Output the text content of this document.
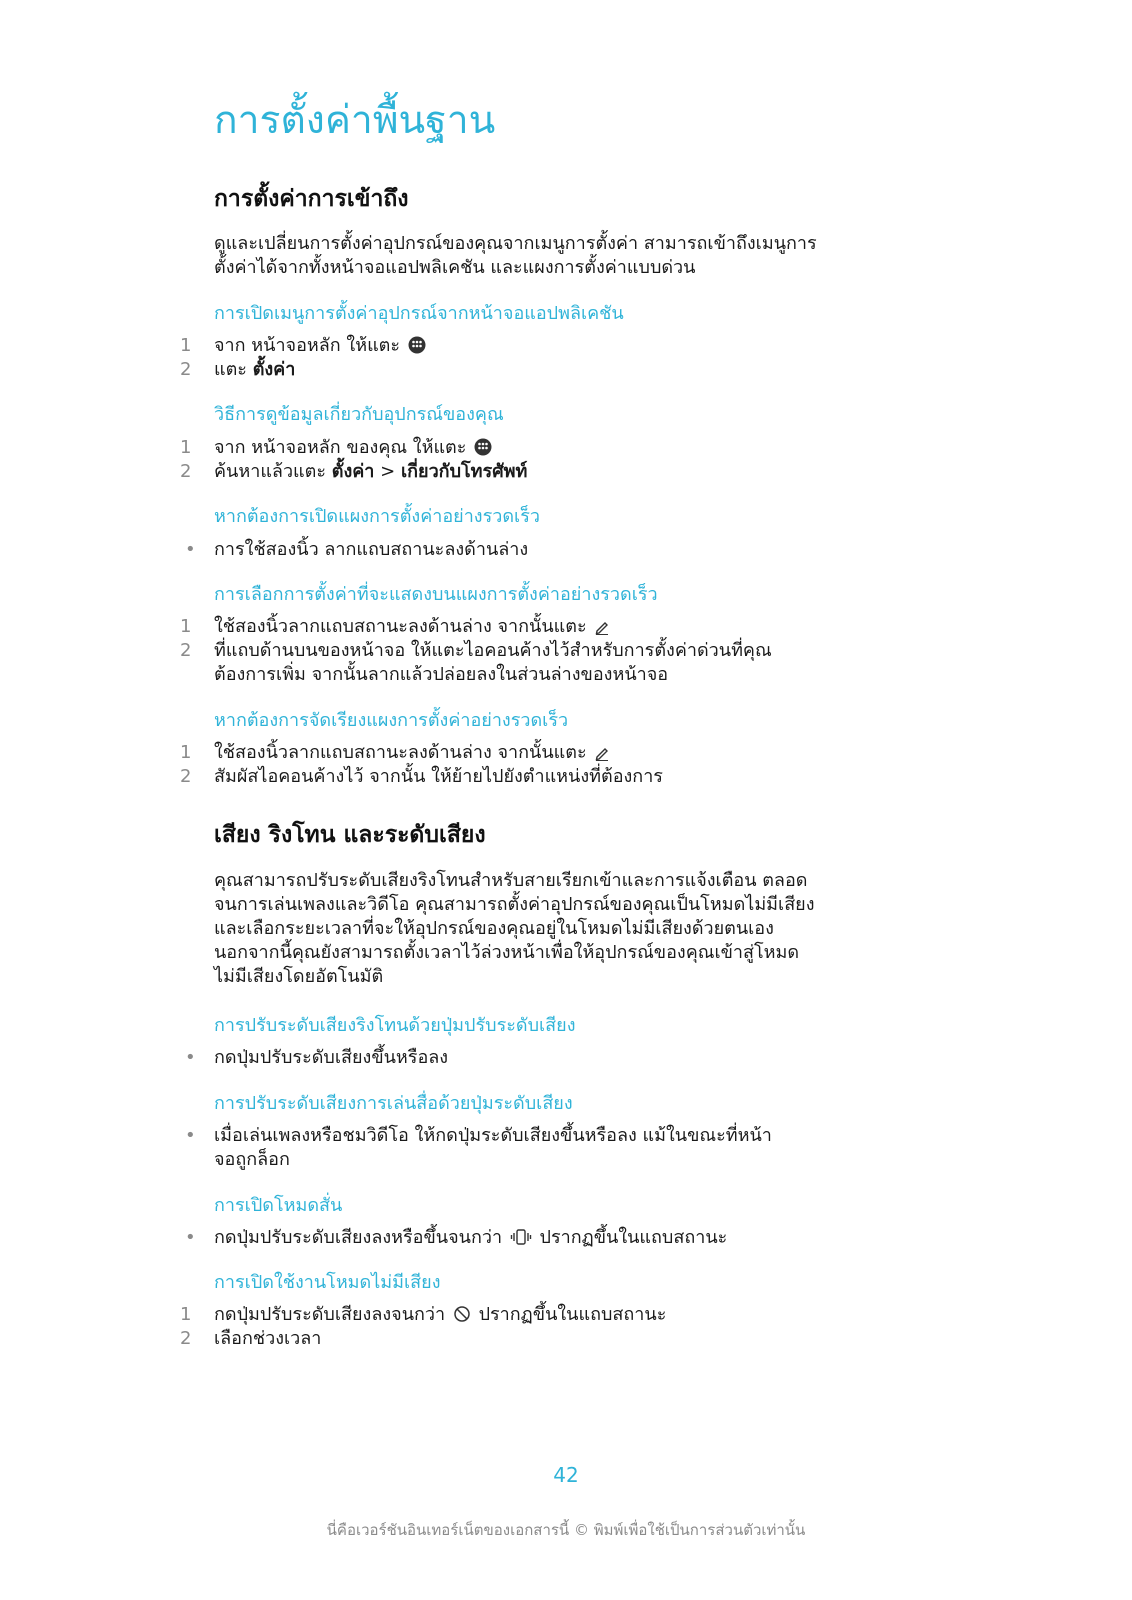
การตั้งค่าพื้นฐาน
การตั้งค่าการเข้าถึง

ดูและเปลี่ยนการตั้งค่าอุปกรณ์ของคุณจากเมนูการตั้งค่า สามารถเข้าถึงเมนูการ
ตั้งค่าได้จากทั้งหน้าจอแอปพลิเคชัน และแผงการตั้งค่าแบบด่วน

การเปิดเมนูการตั้งค่าอุปกรณ์จากหน้าจอแอปพลิเคชัน
1	จาก หน้าจอหลัก ให้แตะ
2	แตะ ตั้งค่า
วิธีการดูข้อมูลเกี่ยวกับอุปกรณ์ของคุณ
1	จาก หน้าจอหลัก ของคุณ ให้แตะ
2	ค้นหาแล้วแตะ ตั้งค่า > เกี่ยวกับโทรศัพท์
หากต้องการเปิดแผงการตั้งค่าอย่างรวดเร็ว
•	การใช้สองนิ้ว ลากแถบสถานะลงด้านล่าง
การเลือกการตั้งค่าที่จะแสดงบนแผงการตั้งค่าอย่างรวดเร็ว
1	ใช้สองนิ้วลากแถบสถานะลงด้านล่าง จากนั้นแตะ
2	ที่แถบด้านบนของหน้าจอ ให้แตะไอคอนค้างไว้สำหรับการตั้งค่าด่วนที่คุณ
ต้องการเพิ่ม จากนั้นลากแล้วปล่อยลงในส่วนล่างของหน้าจอ
หากต้องการจัดเรียงแผงการตั้งค่าอย่างรวดเร็ว
1	ใช้สองนิ้วลากแถบสถานะลงด้านล่าง จากนั้นแตะ
2	สัมผัสไอคอนค้างไว้ จากนั้น ให้ย้ายไปยังตำแหน่งที่ต้องการ
เสียง ริงโทน และระดับเสียง

คุณสามารถปรับระดับเสียงริงโทนสำหรับสายเรียกเข้าและการแจ้งเตือน ตลอด
จนการเล่นเพลงและวิดีโอ คุณสามารถตั้งค่าอุปกรณ์ของคุณเป็นโหมดไม่มีเสียง
และเลือกระยะเวลาที่จะให้อุปกรณ์ของคุณอยู่ในโหมดไม่มีเสียงด้วยตนเอง
นอกจากนี้คุณยังสามารถตั้งเวลาไว้ล่วงหน้าเพื่อให้อุปกรณ์ของคุณเข้าสู่โหมด
ไม่มีเสียงโดยอัตโนมัติ

การปรับระดับเสียงริงโทนด้วยปุ่มปรับระดับเสียง
•	กดปุ่มปรับระดับเสียงขึ้นหรือลง
การปรับระดับเสียงการเล่นสื่อด้วยปุ่มระดับเสียง
•	เมื่อเล่นเพลงหรือชมวิดีโอ ให้กดปุ่มระดับเสียงขึ้นหรือลง แม้ในขณะที่หน้า
จอถูกล็อก
การเปิดโหมดสั่น
•	กดปุ่มปรับระดับเสียงลงหรือขึ้นจนกว่า ปรากฏขึ้นในแถบสถานะ
การเปิดใช้งานโหมดไม่มีเสียง
1	กดปุ่มปรับระดับเสียงลงจนกว่า ปรากฏขึ้นในแถบสถานะ
2	เลือกช่วงเวลา
42
นี่คือเวอร์ชันอินเทอร์เน็ตของเอกสารนี้ © พิมพ์เพื่อใช้เป็นการส่วนตัวเท่านั้น
